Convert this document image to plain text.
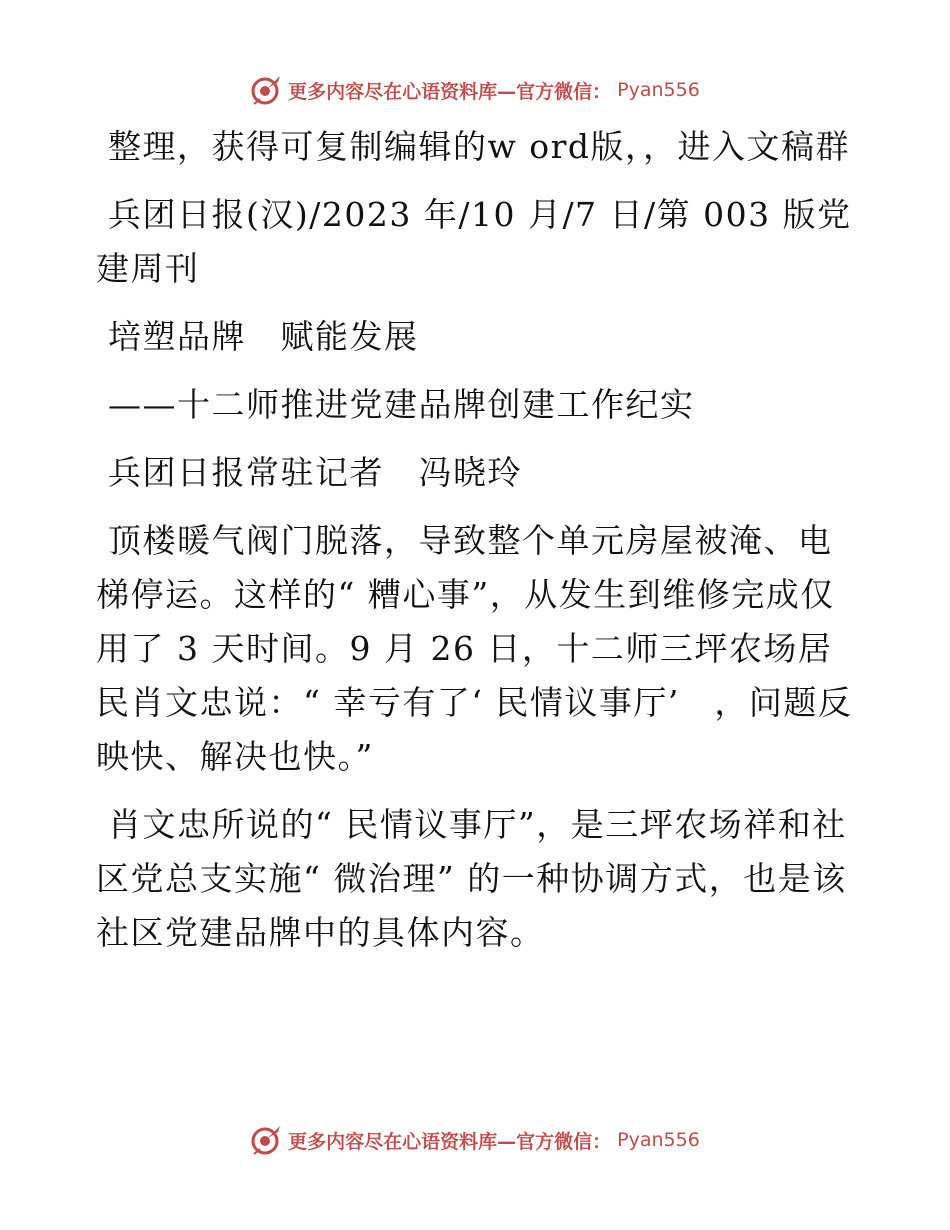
更多内容尽在心语资料库—官方微信： Pyan556

整理，获得可复制编辑的w ord版，，进入文稿群

兵团日报(汉)/2023 年/10 月/7 日/第 003 版党建周刊

培塑品牌　赋能发展

——十二师推进党建品牌创建工作纪实

兵团日报常驻记者　冯晓玲

顶楼暖气阀门脱落，导致整个单元房屋被淹、电梯停运。这样的“ 糟心事”，从发生到维修完成仅用了 3 天时间。9 月 26 日，十二师三坪农场居民肖文忠说：“ 幸亏有了‘ 民情议事厅’　，问题反映快、解决也快。”

肖文忠所说的“ 民情议事厅”，是三坪农场祥和社区党总支实施“ 微治理” 的一种协调方式，也是该社区党建品牌中的具体内容。

更多内容尽在心语资料库—官方微信： Pyan556
